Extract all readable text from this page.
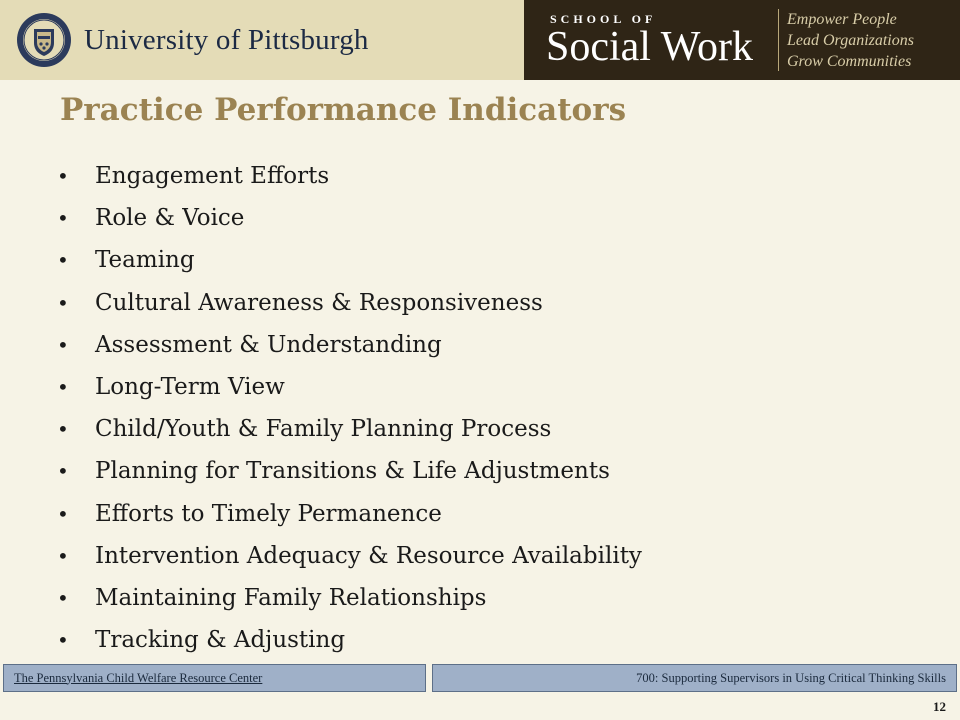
University of Pittsburgh
SCHOOL OF
Social Work
Empower People
Lead Organizations
Grow Communities
Practice Performance Indicators
•	Engagement Efforts
•	Role & Voice
•	Teaming
•	Cultural Awareness & Responsiveness
•	Assessment & Understanding
•	Long-Term View
•	Child/Youth & Family Planning Process
•	Planning for Transitions & Life Adjustments
•	Efforts to Timely Permanence
•	Intervention Adequacy & Resource Availability
•	Maintaining Family Relationships
•	Tracking & Adjusting
The Pennsylvania Child Welfare Resource Center	700: Supporting Supervisors in Using Critical Thinking Skills
12
